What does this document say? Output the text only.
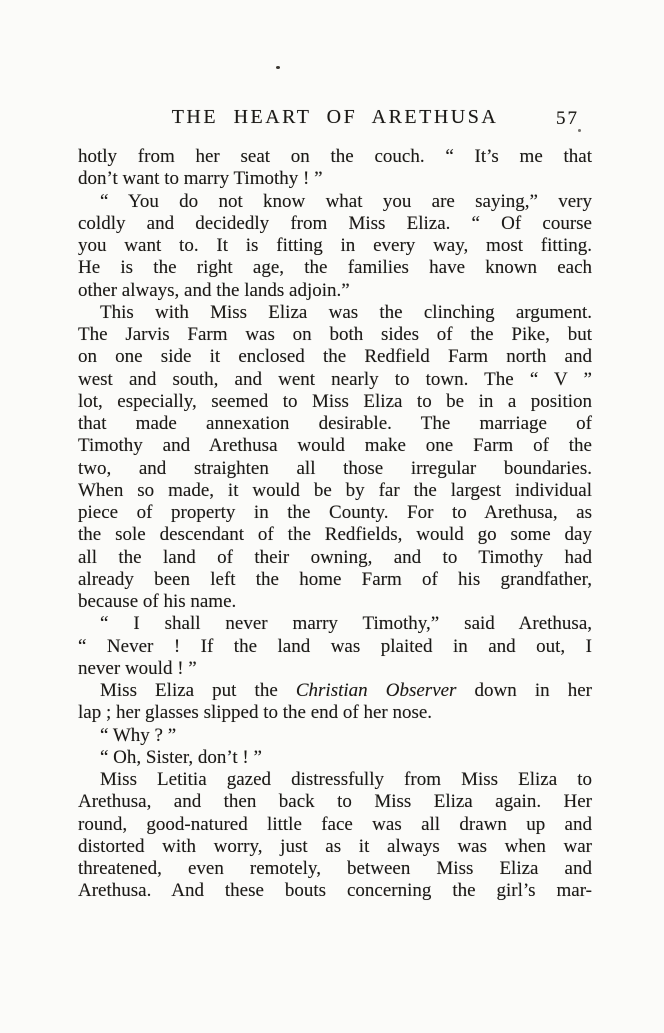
THE HEART OF ARETHUSA	57
hotly from her seat on the couch. “ It’s me that
don’t want to marry Timothy ! ”
“ You do not know what you are saying,” very
coldly and decidedly from Miss Eliza. “ Of course
you want to. It is fitting in every way, most fitting.
He is the right age, the families have known each
other always, and the lands adjoin.”
This with Miss Eliza was the clinching argument.
The Jarvis Farm was on both sides of the Pike, but
on one side it enclosed the Redfield Farm north and
west and south, and went nearly to town. The “ V ”
lot, especially, seemed to Miss Eliza to be in a position
that made annexation desirable. The marriage of
Timothy and Arethusa would make one Farm of the
two, and straighten all those irregular boundaries.
When so made, it would be by far the largest individual
piece of property in the County. For to Arethusa, as
the sole descendant of the Redfields, would go some day
all the land of their owning, and to Timothy had
already been left the home Farm of his grandfather,
because of his name.
“ I shall never marry Timothy,” said Arethusa,
“ Never ! If the land was plaited in and out, I
never would ! ”
Miss Eliza put the Christian Observer down in her
lap ; her glasses slipped to the end of her nose.
“ Why ? ”
“ Oh, Sister, don’t ! ”
Miss Letitia gazed distressfully from Miss Eliza to
Arethusa, and then back to Miss Eliza again. Her
round, good-natured little face was all drawn up and
distorted with worry, just as it always was when war
threatened, even remotely, between Miss Eliza and
Arethusa. And these bouts concerning the girl’s mar-
